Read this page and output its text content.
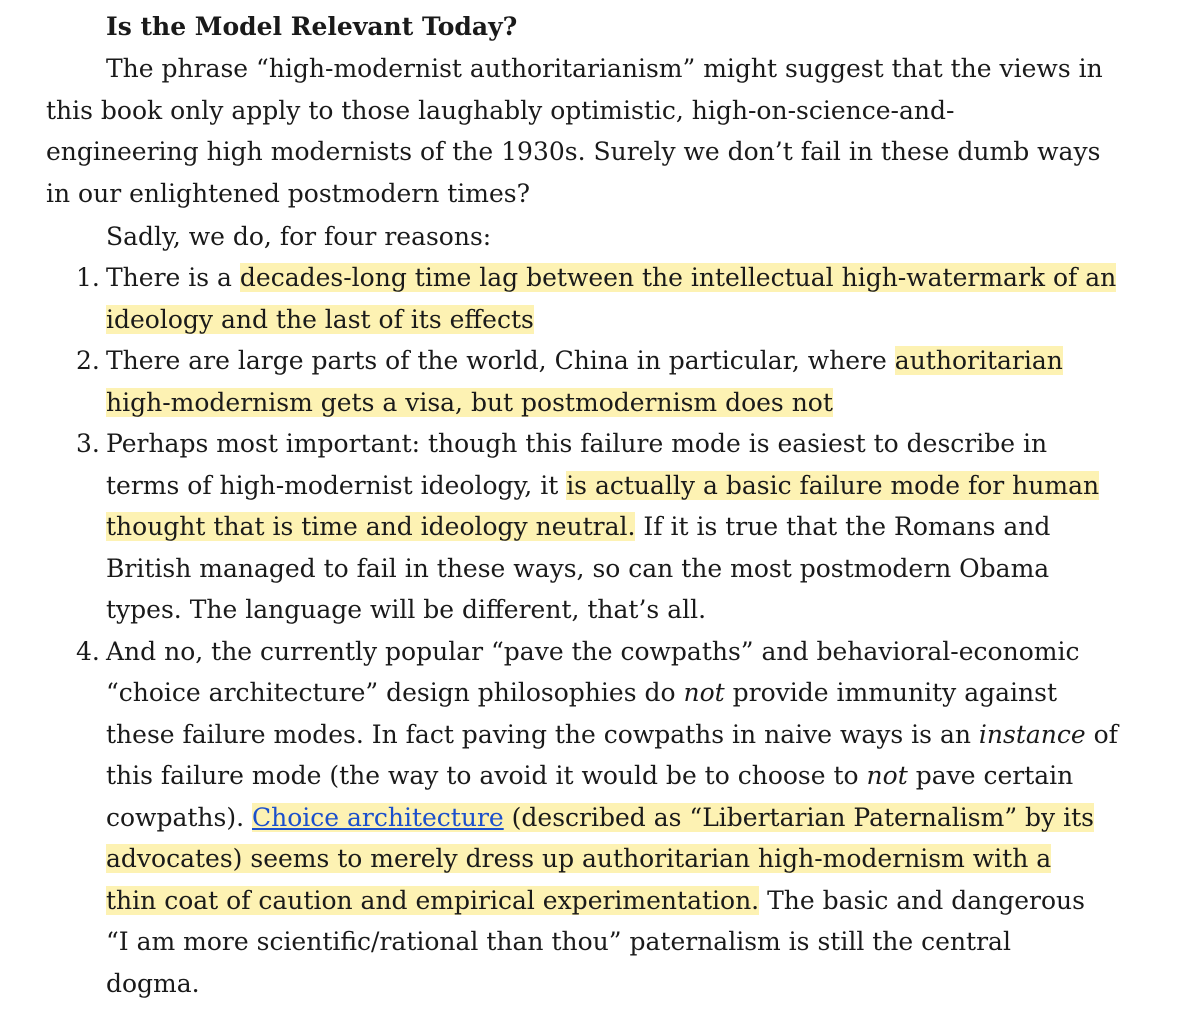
Is the Model Relevant Today?
The phrase “high-modernist authoritarianism” might suggest that the views in
this book only apply to those laughably optimistic, high-on-science-and-
engineering high modernists of the 1930s. Surely we don’t fail in these dumb ways
in our enlightened postmodern times?
Sadly, we do, for four reasons:
1. There is a decades-long time lag between the intellectual high-watermark of an
ideology and the last of its effects
2. There are large parts of the world, China in particular, where authoritarian
high-modernism gets a visa, but postmodernism does not
3. Perhaps most important: though this failure mode is easiest to describe in
terms of high-modernist ideology, it is actually a basic failure mode for human
thought that is time and ideology neutral. If it is true that the Romans and
British managed to fail in these ways, so can the most postmodern Obama
types. The language will be different, that’s all.
4. And no, the currently popular “pave the cowpaths” and behavioral-economic
“choice architecture” design philosophies do not provide immunity against
these failure modes. In fact paving the cowpaths in naive ways is an instance of
this failure mode (the way to avoid it would be to choose to not pave certain
cowpaths). Choice architecture (described as “Libertarian Paternalism” by its
advocates) seems to merely dress up authoritarian high-modernism with a
thin coat of caution and empirical experimentation. The basic and dangerous
“I am more scientific/rational than thou” paternalism is still the central
dogma.
